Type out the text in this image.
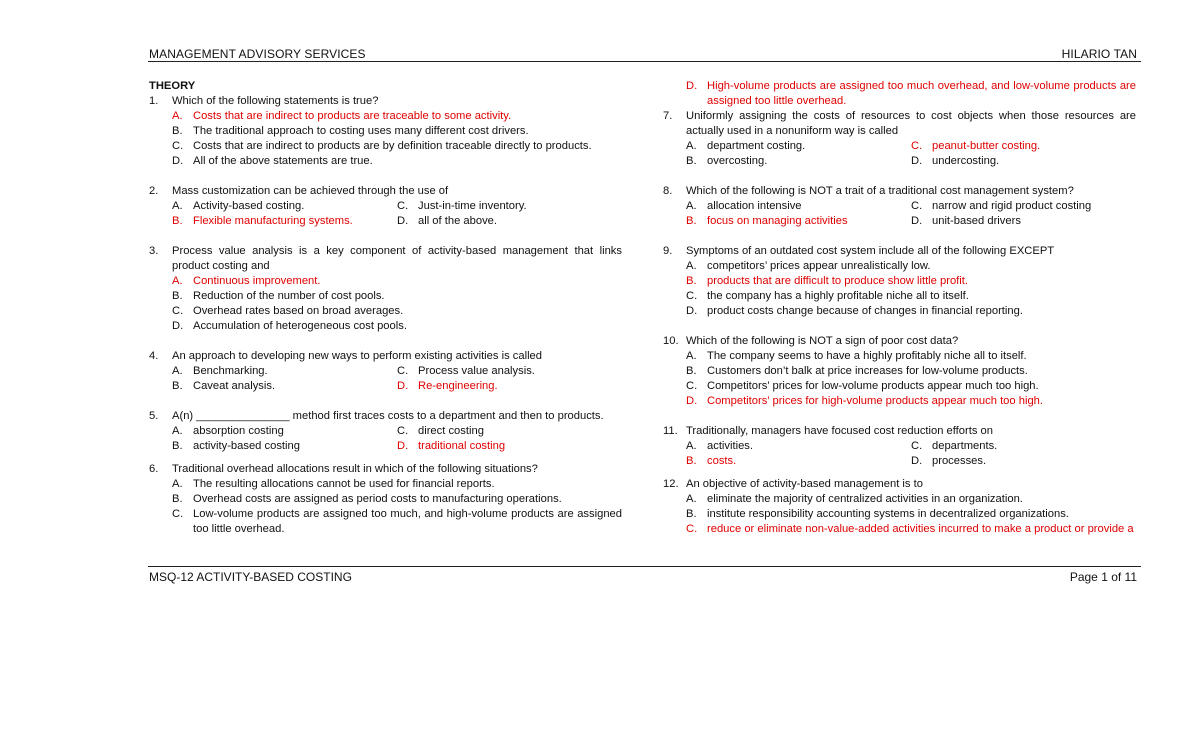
MANAGEMENT ADVISORY SERVICES	HILARIO TAN
THEORY
1.	Which of the following statements is true?
A. Costs that are indirect to products are traceable to some activity.
B. The traditional approach to costing uses many different cost drivers.
C. Costs that are indirect to products are by definition traceable directly to products.
D. All of the above statements are true.
2.	Mass customization can be achieved through the use of
A. Activity-based costing.	C. Just-in-time inventory.
B. Flexible manufacturing systems.	D. all of the above.
3.	Process value analysis is a key component of activity-based management that links product costing and
A. Continuous improvement.
B. Reduction of the number of cost pools.
C. Overhead rates based on broad averages.
D. Accumulation of heterogeneous cost pools.
4.	An approach to developing new ways to perform existing activities is called
A. Benchmarking.	C. Process value analysis.
B. Caveat analysis.	D. Re-engineering.
5.	A(n) _______________ method first traces costs to a department and then to products.
A. absorption costing	C. direct costing
B. activity-based costing	D. traditional costing
6.	Traditional overhead allocations result in which of the following situations?
A. The resulting allocations cannot be used for financial reports.
B. Overhead costs are assigned as period costs to manufacturing operations.
C. Low-volume products are assigned too much, and high-volume products are assigned too little overhead.
D. High-volume products are assigned too much overhead, and low-volume products are assigned too little overhead.
7.	Uniformly assigning the costs of resources to cost objects when those resources are actually used in a nonuniform way is called
A. department costing.	C. peanut-butter costing.
B. overcosting.	D. undercosting.
8.	Which of the following is NOT a trait of a traditional cost management system?
A. allocation intensive	C. narrow and rigid product costing
B. focus on managing activities	D. unit-based drivers
9.	Symptoms of an outdated cost system include all of the following EXCEPT
A. competitors’ prices appear unrealistically low.
B. products that are difficult to produce show little profit.
C. the company has a highly profitable niche all to itself.
D. product costs change because of changes in financial reporting.
10. Which of the following is NOT a sign of poor cost data?
A. The company seems to have a highly profitably niche all to itself.
B. Customers don’t balk at price increases for low-volume products.
C. Competitors’ prices for low-volume products appear much too high.
D. Competitors’ prices for high-volume products appear much too high.
11. Traditionally, managers have focused cost reduction efforts on
A. activities.	C. departments.
B. costs.	D. processes.
12. An objective of activity-based management is to
A. eliminate the majority of centralized activities in an organization.
B. institute responsibility accounting systems in decentralized organizations.
C. reduce or eliminate non-value-added activities incurred to make a product or provide a
MSQ-12 ACTIVITY-BASED COSTING	Page 1 of 11
